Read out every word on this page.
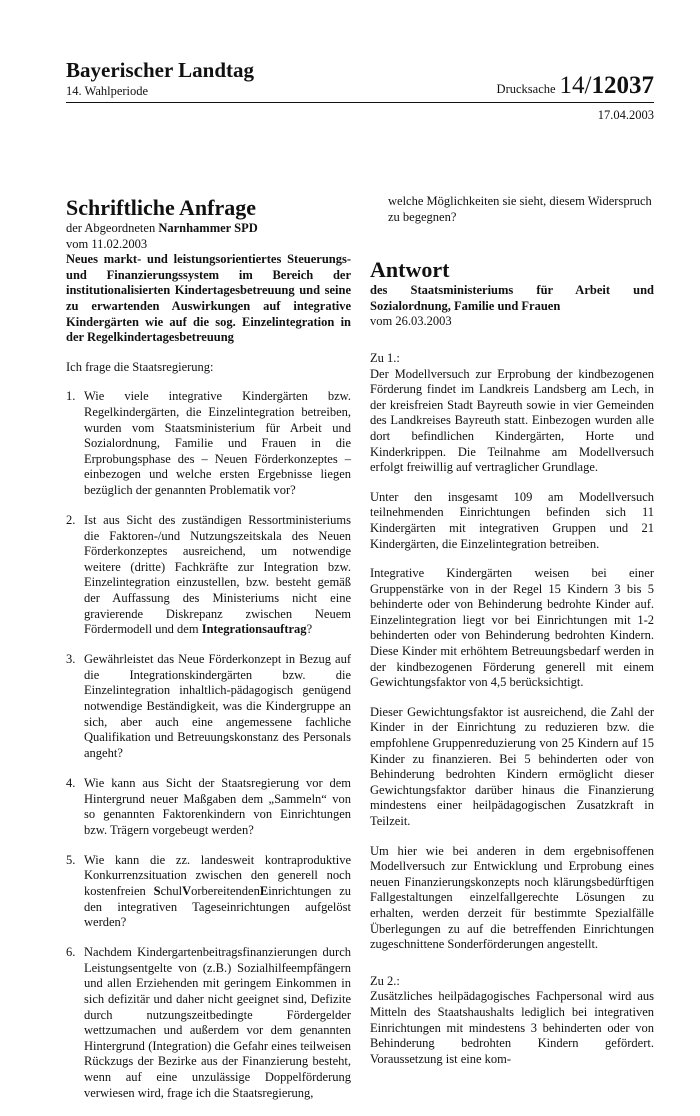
Bayerischer Landtag
14. Wahlperiode	Drucksache 14/12037
17.04.2003
Schriftliche Anfrage

der Abgeordneten Narnhammer SPD

vom 11.02.2003

Neues markt- und leistungsorientiertes Steuerungs- und Finanzierungssystem im Bereich der institutionalisierten Kindertagesbetreuung und seine zu erwartenden Auswirkungen auf integrative Kindergärten wie auf die sog. Einzelintegration in der Regelkindertagesbetreuung

Ich frage die Staatsregierung:

1. Wie viele integrative Kindergärten bzw. Regelkindergärten, die Einzelintegration betreiben, wurden vom Staatsministerium für Arbeit und Sozialordnung, Familie und Frauen in die Erprobungsphase des – Neuen Förderkonzeptes – einbezogen und welche ersten Ergebnisse liegen bezüglich der genannten Problematik vor?
2. Ist aus Sicht des zuständigen Ressortministeriums die Faktoren-/und Nutzungszeitskala des Neuen Förderkonzeptes ausreichend, um notwendige weitere (dritte) Fachkräfte zur Integration bzw. Einzelintegration einzustellen, bzw. besteht gemäß der Auffassung des Ministeriums nicht eine gravierende Diskrepanz zwischen Neuem Fördermodell und dem Integrationsauftrag?
3. Gewährleistet das Neue Förderkonzept in Bezug auf die Integrationskindergärten bzw. die Einzelintegration inhaltlich-pädagogisch genügend notwendige Beständigkeit, was die Kindergruppe an sich, aber auch eine angemessene fachliche Qualifikation und Betreuungskonstanz des Personals angeht?
4. Wie kann aus Sicht der Staatsregierung vor dem Hintergrund neuer Maßgaben dem „Sammeln“ von so genannten Faktorenkindern von Einrichtungen bzw. Trägern vorgebeugt werden?
5. Wie kann die zz. landesweit kontraproduktive Konkurrenzsituation zwischen den generell noch kostenfreien SchulVorbereitendenEinrichtungen zu den integrativen Tageseinrichtungen aufgelöst werden?
6. Nachdem Kindergartenbeitragsfinanzierungen durch Leistungsentgelte von (z.B.) Sozialhilfeempfängern und allen Erziehenden mit geringem Einkommen in sich defizitär und daher nicht geeignet sind, Defizite durch nutzungszeitbedingte Fördergelder wettzumachen und außerdem vor dem genannten Hintergrund (Integration) die Gefahr eines teilweisen Rückzugs der Bezirke aus der Finanzierung besteht, wenn auf eine unzulässige Doppelförderung verwiesen wird, frage ich die Staatsregierung,

welche Möglichkeiten sie sieht, diesem Widerspruch zu begegnen?

Antwort

des Staatsministeriums für Arbeit und Sozialordnung, Familie und Frauen

vom 26.03.2003

Zu 1.:

Der Modellversuch zur Erprobung der kindbezogenen Förderung findet im Landkreis Landsberg am Lech, in der kreisfreien Stadt Bayreuth sowie in vier Gemeinden des Landkreises Bayreuth statt. Einbezogen wurden alle dort befindlichen Kindergärten, Horte und Kinderkrippen. Die Teilnahme am Modellversuch erfolgt freiwillig auf vertraglicher Grundlage.

Unter den insgesamt 109 am Modellversuch teilnehmenden Einrichtungen befinden sich 11 Kindergärten mit integrativen Gruppen und 21 Kindergärten, die Einzelintegration betreiben.

Integrative Kindergärten weisen bei einer Gruppenstärke von in der Regel 15 Kindern 3 bis 5 behinderte oder von Behinderung bedrohte Kinder auf. Einzelintegration liegt vor bei Einrichtungen mit 1-2 behinderten oder von Behinderung bedrohten Kindern. Diese Kinder mit erhöhtem Betreuungsbedarf werden in der kindbezogenen Förderung generell mit einem Gewichtungsfaktor von 4,5 berücksichtigt.

Dieser Gewichtungsfaktor ist ausreichend, die Zahl der Kinder in der Einrichtung zu reduzieren bzw. die empfohlene Gruppenreduzierung von 25 Kindern auf 15 Kinder zu finanzieren. Bei 5 behinderten oder von Behinderung bedrohten Kindern ermöglicht dieser Gewichtungsfaktor darüber hinaus die Finanzierung mindestens einer heilpädagogischen Zusatzkraft in Teilzeit.

Um hier wie bei anderen in dem ergebnisoffenen Modellversuch zur Entwicklung und Erprobung eines neuen Finanzierungskonzepts noch klärungsbedürftigen Fallgestaltungen einzelfallgerechte Lösungen zu erhalten, werden derzeit für bestimmte Spezialfälle Überlegungen zu auf die betreffenden Einrichtungen zugeschnittene Sonderförderungen angestellt.

Zu 2.:

Zusätzliches heilpädagogisches Fachpersonal wird aus Mitteln des Staatshaushalts lediglich bei integrativen Einrichtungen mit mindestens 3 behinderten oder von Behinderung bedrohten Kindern gefördert. Voraussetzung ist eine kom-
